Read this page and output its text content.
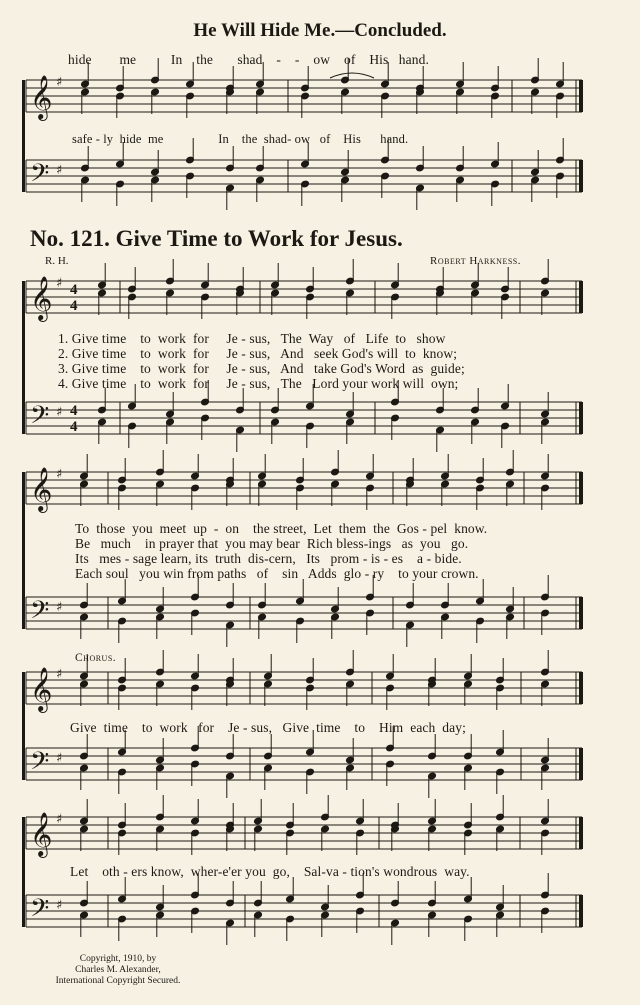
He Will Hide Me.—Concluded.
hide        me          In    the       shad    -    -    ow    of    His   hand.
safe - ly  hide  me                 In    the  shad- ow   of    His      hand.
No. 121. Give Time to Work for Jesus.
R. H.	Robert Harkness.
1. Give time    to  work  for     Je - sus,   The  Way   of   Life  to   show
2. Give time    to  work  for     Je - sus,   And   seek God's will  to  know;
3. Give time    to  work  for     Je - sus,   And   take God's Word  as  guide;
4. Give time    to  work  for     Je - sus,   The   Lord your work will  own;
To  those  you  meet  up  -  on    the street,  Let  them  the  Gos - pel  know.
Be   much    in prayer that  you may bear  Rich bless-ings   as  you   go.
Its   mes - sage learn, its  truth  dis-cern,   Its   prom - is - es    a - bide.
Each soul   you win from paths   of    sin   Adds  glo - ry    to your crown.
Chorus.
Give  time    to  work   for    Je - sus,   Give  time    to    Him  each  day;
Let    oth - ers know,  wher-e'er you  go,    Sal-va - tion's wondrous  way.
Copyright, 1910, by
Charles M. Alexander,
International Copyright Secured.
𝄞
𝄢
♯
♯
𝄞
𝄢
♯
♯
4
4
4
4
𝄞
𝄢
♯
♯
𝄞
𝄢
♯
♯
𝄞
𝄢
♯
♯
